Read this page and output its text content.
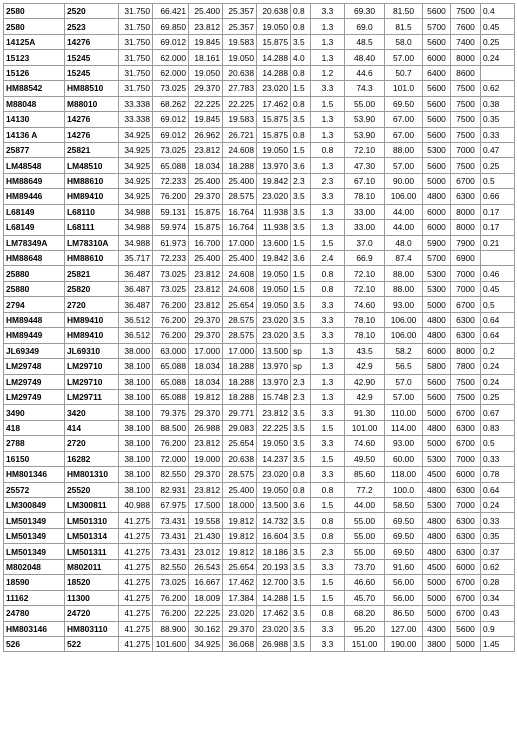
2580	2520	31.750	66.421	25.400	25.357	20.638	0.8	3.3	69.30	81.50	5600	7500	0.4
2580	2523	31.750	69.850	23.812	25.357	19.050	0.8	1.3	69.0	81.5	5700	7600	0.45
14125A	14276	31.750	69.012	19.845	19.583	15.875	3.5	1.3	48.5	58.0	5600	7400	0.25
15123	15245	31.750	62.000	18.161	19.050	14.288	4.0	1.3	48.40	57.00	6000	8000	0.24
15126	15245	31.750	62.000	19.050	20.638	14.288	0.8	1.2	44.6	50.7	6400	8600	
HM88542	HM88510	31.750	73.025	29.370	27.783	23.020	1.5	3.3	74.3	101.0	5600	7500	0.62
M88048	M88010	33.338	68.262	22.225	22.225	17.462	0.8	1.5	55.00	69.50	5600	7500	0.38
14130	14276	33.338	69.012	19.845	19.583	15.875	3.5	1.3	53.90	67.00	5600	7500	0.35
14136 A	14276	34.925	69.012	26.962	26.721	15.875	0.8	1.3	53.90	67.00	5600	7500	0.33
25877	25821	34.925	73.025	23.812	24.608	19.050	1.5	0.8	72.10	88.00	5300	7000	0.47
LM48548	LM48510	34.925	65.088	18.034	18.288	13.970	3.6	1.3	47.30	57.00	5600	7500	0.25
HM88649	HM88610	34.925	72.233	25.400	25.400	19.842	2.3	2.3	67.10	90.00	5000	6700	0.5
HM89446	HM89410	34.925	76.200	29.370	28.575	23.020	3.5	3.3	78.10	106.00	4800	6300	0.66
L68149	L68110	34.988	59.131	15.875	16.764	11.938	3.5	1.3	33.00	44.00	6000	8000	0.17
L68149	L68111	34.988	59.974	15.875	16.764	11.938	3.5	1.3	33.00	44.00	6000	8000	0.17
LM78349A	LM78310A	34.988	61.973	16.700	17.000	13.600	1.5	1.5	37.0	48.0	5900	7900	0.21
HM88648	HM88610	35.717	72.233	25.400	25.400	19.842	3.6	2.4	66.9	87.4	5700	6900	
25880	25821	36.487	73.025	23.812	24.608	19.050	1.5	0.8	72.10	88.00	5300	7000	0.46
25880	25820	36.487	73.025	23.812	24.608	19.050	1.5	0.8	72.10	88.00	5300	7000	0.45
2794	2720	36.487	76.200	23.812	25.654	19.050	3.5	3.3	74.60	93.00	5000	6700	0.5
HM89448	HM89410	36.512	76.200	29.370	28.575	23.020	3.5	3.3	78.10	106.00	4800	6300	0.64
HM89449	HM89410	36.512	76.200	29.370	28.575	23.020	3.5	3.3	78.10	106.00	4800	6300	0.64
JL69349	JL69310	38.000	63.000	17.000	17.000	13.500	sp	1.3	43.5	58.2	6000	8000	0.2
LM29748	LM29710	38.100	65.088	18.034	18.288	13.970	sp	1.3	42.9	56.5	5800	7800	0.24
LM29749	LM29710	38.100	65.088	18.034	18.288	13.970	2.3	1.3	42.90	57.0	5600	7500	0.24
LM29749	LM29711	38.100	65.088	19.812	18.288	15.748	2.3	1.3	42.9	57.00	5600	7500	0.25
3490	3420	38.100	79.375	29.370	29.771	23.812	3.5	3.3	91.30	110.00	5000	6700	0.67
418	414	38.100	88.500	26.988	29.083	22.225	3.5	1.5	101.00	114.00	4800	6300	0.83
2788	2720	38.100	76.200	23.812	25.654	19.050	3.5	3.3	74.60	93.00	5000	6700	0.5
16150	16282	38.100	72.000	19.000	20.638	14.237	3.5	1.5	49.50	60.00	5300	7000	0.33
HM801346	HM801310	38.100	82.550	29.370	28.575	23.020	0.8	3.3	85.60	118.00	4500	6000	0.78
25572	25520	38.100	82.931	23.812	25.400	19.050	0.8	0.8	77.2	100.0	4800	6300	0.64
LM300849	LM300811	40.988	67.975	17.500	18.000	13.500	3.6	1.5	44.00	58.50	5300	7000	0.24
LM501349	LM501310	41.275	73.431	19.558	19.812	14.732	3.5	0.8	55.00	69.50	4800	6300	0.33
LM501349	LM501314	41.275	73.431	21.430	19.812	16.604	3.5	0.8	55.00	69.50	4800	6300	0.35
LM501349	LM501311	41.275	73.431	23.012	19.812	18.186	3.5	2.3	55.00	69.50	4800	6300	0.37
M802048	M802011	41.275	82.550	26.543	25.654	20.193	3.5	3.3	73.70	91.60	4500	6000	0.62
18590	18520	41.275	73.025	16.667	17.462	12.700	3.5	1.5	46.60	56.00	5000	6700	0.28
11162	11300	41.275	76.200	18.009	17.384	14.288	1.5	1.5	45.70	56.00	5000	6700	0.34
24780	24720	41.275	76.200	22.225	23.020	17.462	3.5	0.8	68.20	86.50	5000	6700	0.43
HM803146	HM803110	41.275	88.900	30.162	29.370	23.020	3.5	3.3	95.20	127.00	4300	5600	0.9
526	522	41.275	101.600	34.925	36.068	26.988	3.5	3.3	151.00	190.00	3800	5000	1.45
